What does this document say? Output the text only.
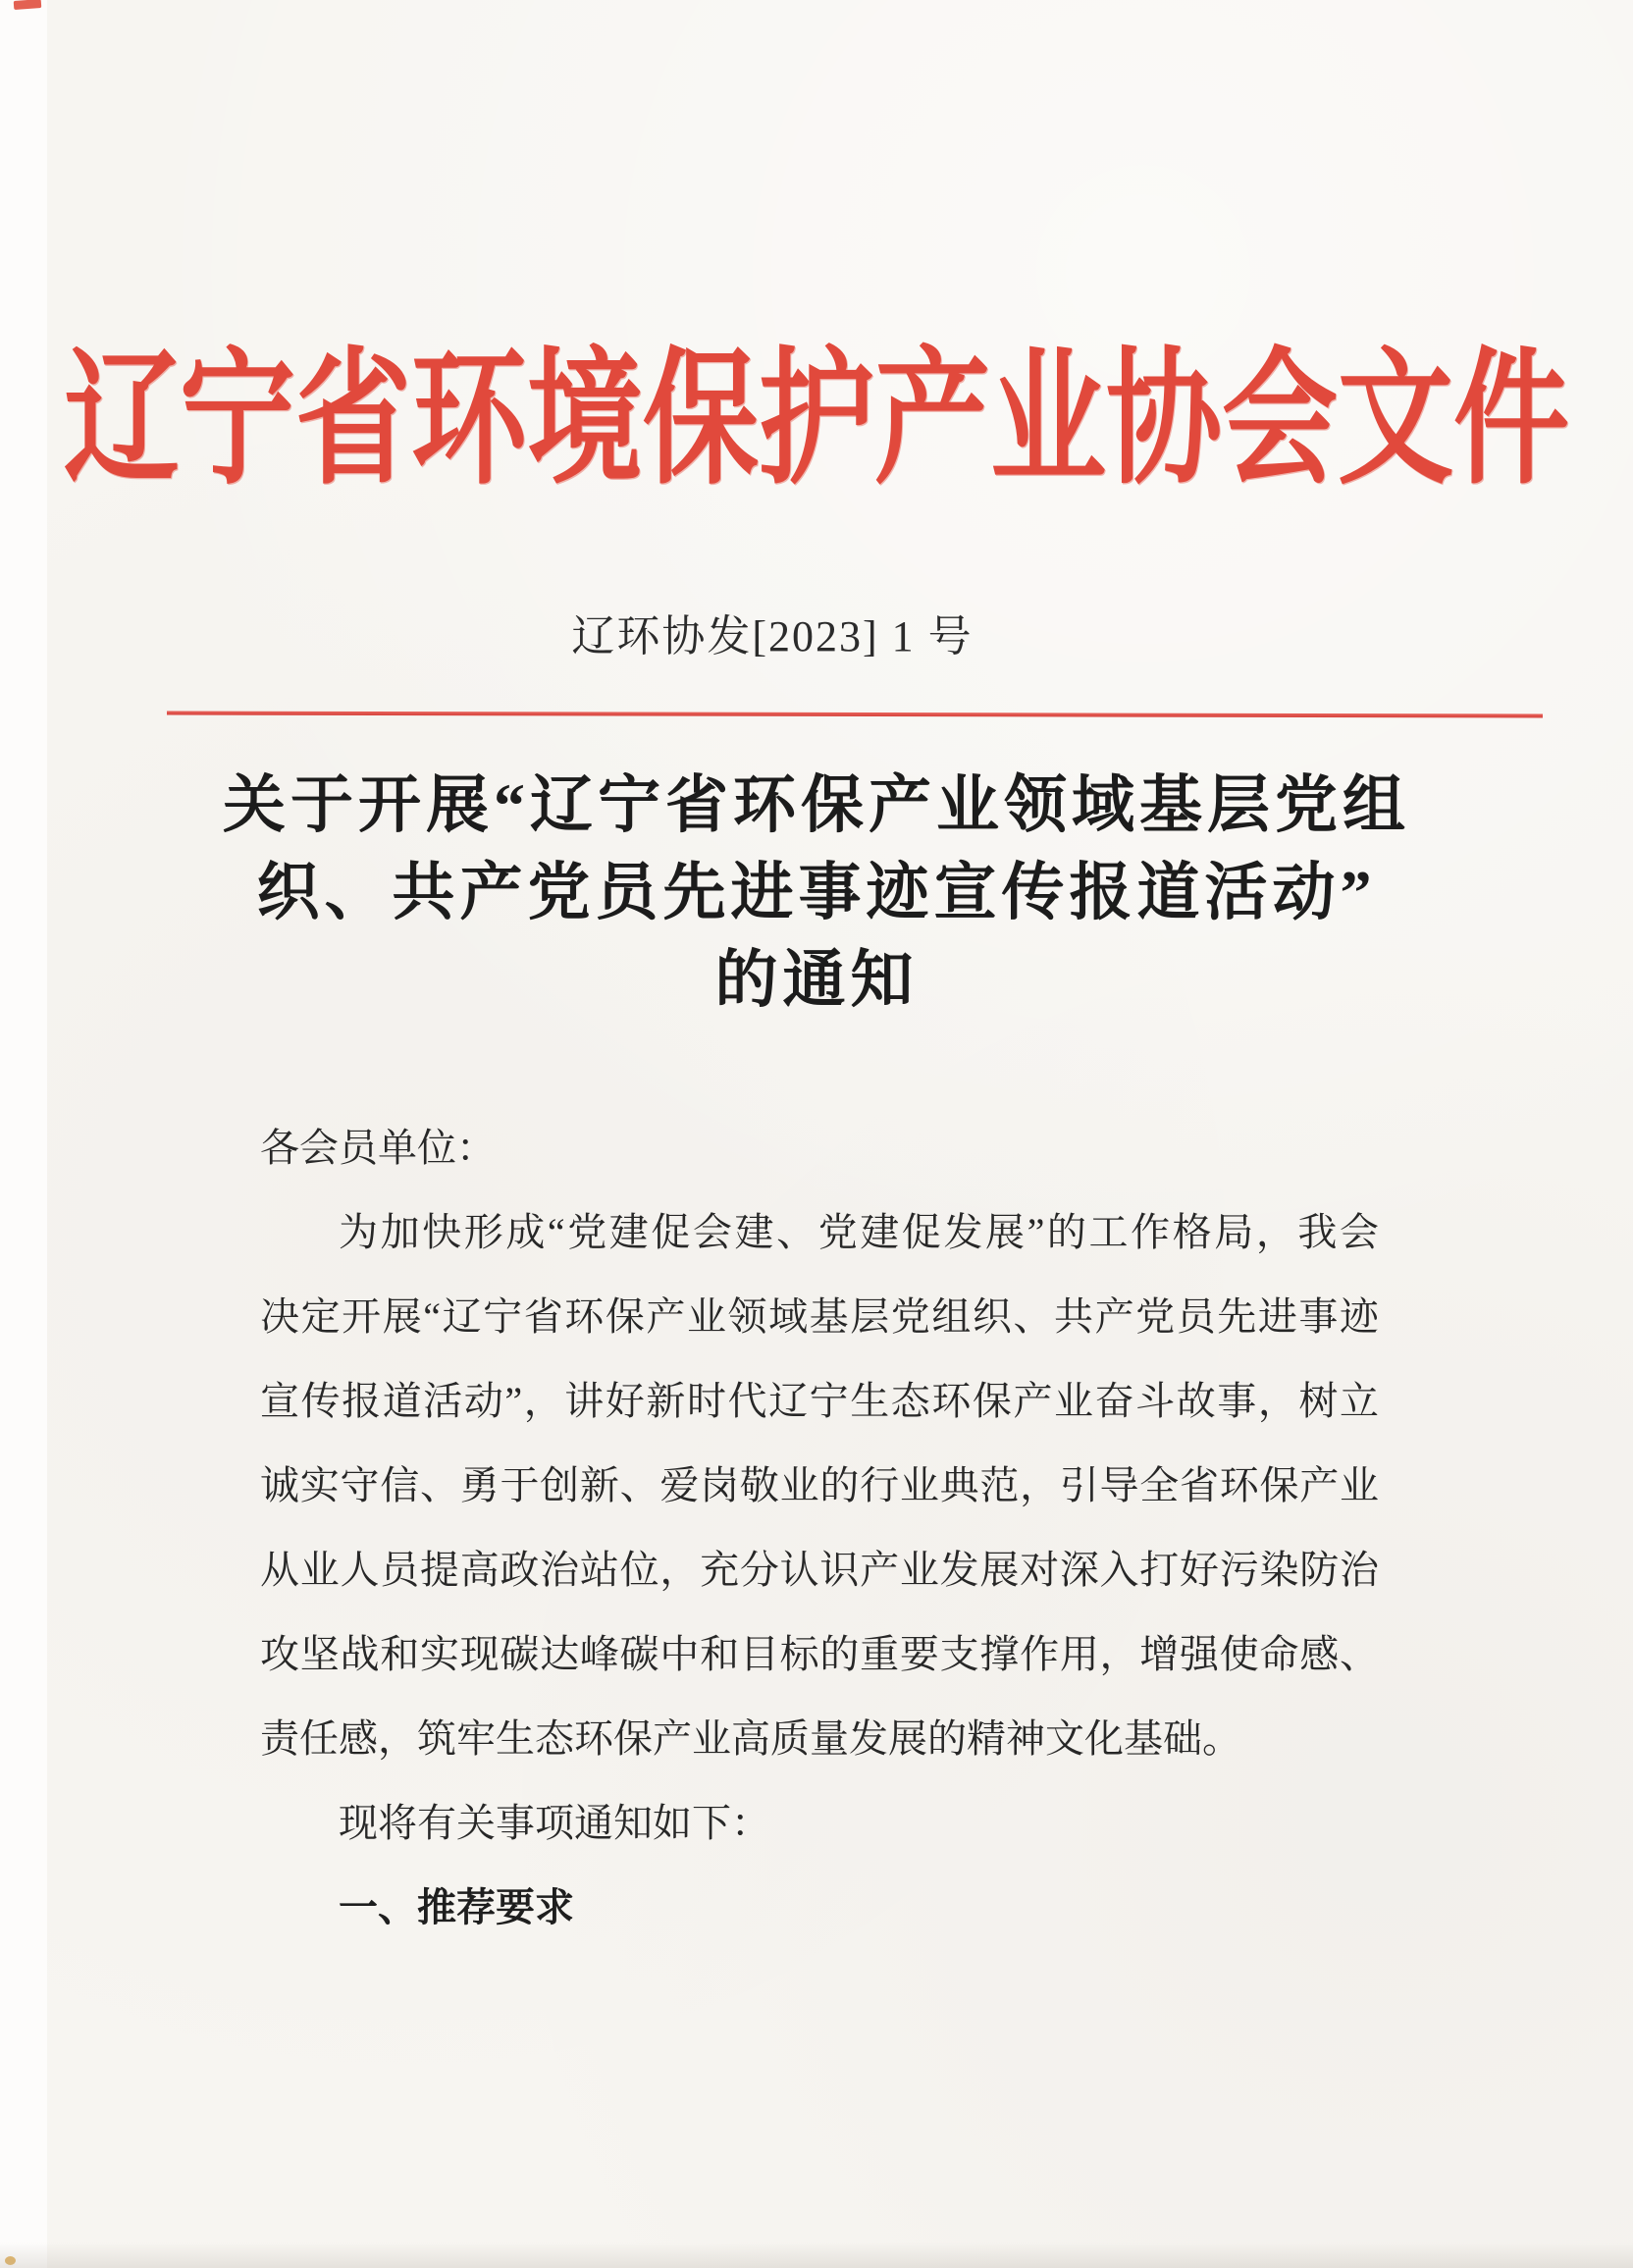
辽宁省环境保护产业协会文件
辽环协发[2023] 1 号
关于开展“辽宁省环保产业领域基层党组
织、共产党员先进事迹宣传报道活动”
的通知
各会员单位：
为加快形成“党建促会建、党建促发展”的工作格局，我会
决定开展“辽宁省环保产业领域基层党组织、共产党员先进事迹
宣传报道活动”，讲好新时代辽宁生态环保产业奋斗故事，树立
诚实守信、勇于创新、爱岗敬业的行业典范，引导全省环保产业
从业人员提高政治站位，充分认识产业发展对深入打好污染防治
攻坚战和实现碳达峰碳中和目标的重要支撑作用，增强使命感、
责任感，筑牢生态环保产业高质量发展的精神文化基础。
现将有关事项通知如下：
一、推荐要求
